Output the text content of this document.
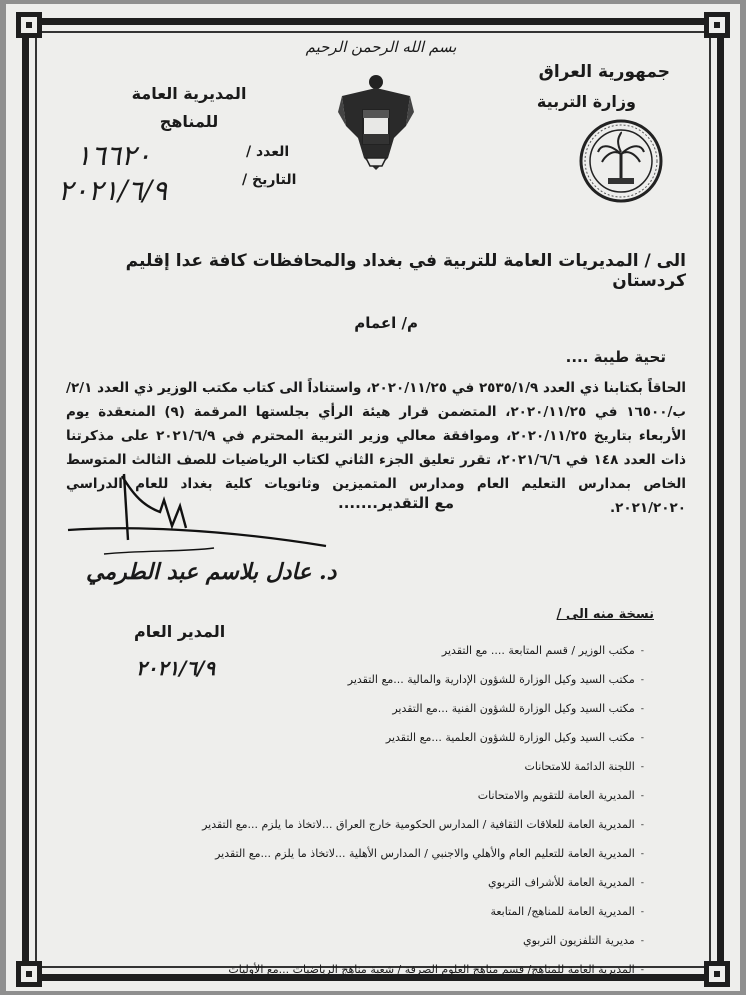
بسم الله الرحمن الرحيم
جمهورية العراق
وزارة التربية
المديرية العامة
للمناهج
العدد /
التاريخ /
١٦٦٢٠
٢٠٢١/٦/٩
الى / المديريات العامة للتربية في بغداد والمحافظات كافة عدا إقليم كردستان
م/ اعمام
تحية طيبة ....
الحاقاً بكتابنا ذي العدد ٢٥٣٥/١/٩ في ٢٠٢٠/١١/٢٥، واستناداً الى كتاب مكتب الوزير ذي العدد ٢/١/ب/١٦٥٠٠ في ٢٠٢٠/١١/٢٥، المتضمن قرار هيئة الرأي بجلستها المرقمة (٩) المنعقدة يوم الأربعاء بتاريخ ٢٠٢٠/١١/٢٥، وموافقة معالي وزير التربية المحترم في ٢٠٢١/٦/٩ على مذكرتنا ذات العدد ١٤٨ في ٢٠٢١/٦/٦، تقرر تعليق الجزء الثاني لكتاب الرياضيات للصف الثالث المتوسط الخاص بمدارس التعليم العام ومدارس المتميزين وثانويات كلية بغداد للعام الدراسي ٢٠٢١/٢٠٢٠.
مع التقدير.......
د. عادل بلاسم عبد الطرمي
المدير العام
٢٠٢١/٦/٩
نسخة منه الى /
-
مكتب الوزير / قسم المتابعة .... مع التقدير
-
مكتب السيد وكيل الوزارة للشؤون الإدارية والمالية ...مع التقدير
-
مكتب السيد وكيل الوزارة للشؤون الفنية ...مع التقدير
-
مكتب السيد وكيل الوزارة للشؤون العلمية ...مع التقدير
-
اللجنة الدائمة للامتحانات
-
المديرية العامة للتقويم والامتحانات
-
المديرية العامة للعلاقات الثقافية / المدارس الحكومية خارج العراق ...لاتخاذ ما يلزم ...مع التقدير
-
المديرية العامة للتعليم العام والأهلي والاجنبي / المدارس الأهلية ...لاتخاذ ما يلزم ...مع التقدير
-
المديرية العامة للأشراف التربوي
-
المديرية العامة للمناهج/ المتابعة
-
مديرية التلفزيون التربوي
-
المديرية العامة للمناهج/ قسم مناهج العلوم الصرفة / شعبة مناهج الرياضيات ...مع الأوليات
